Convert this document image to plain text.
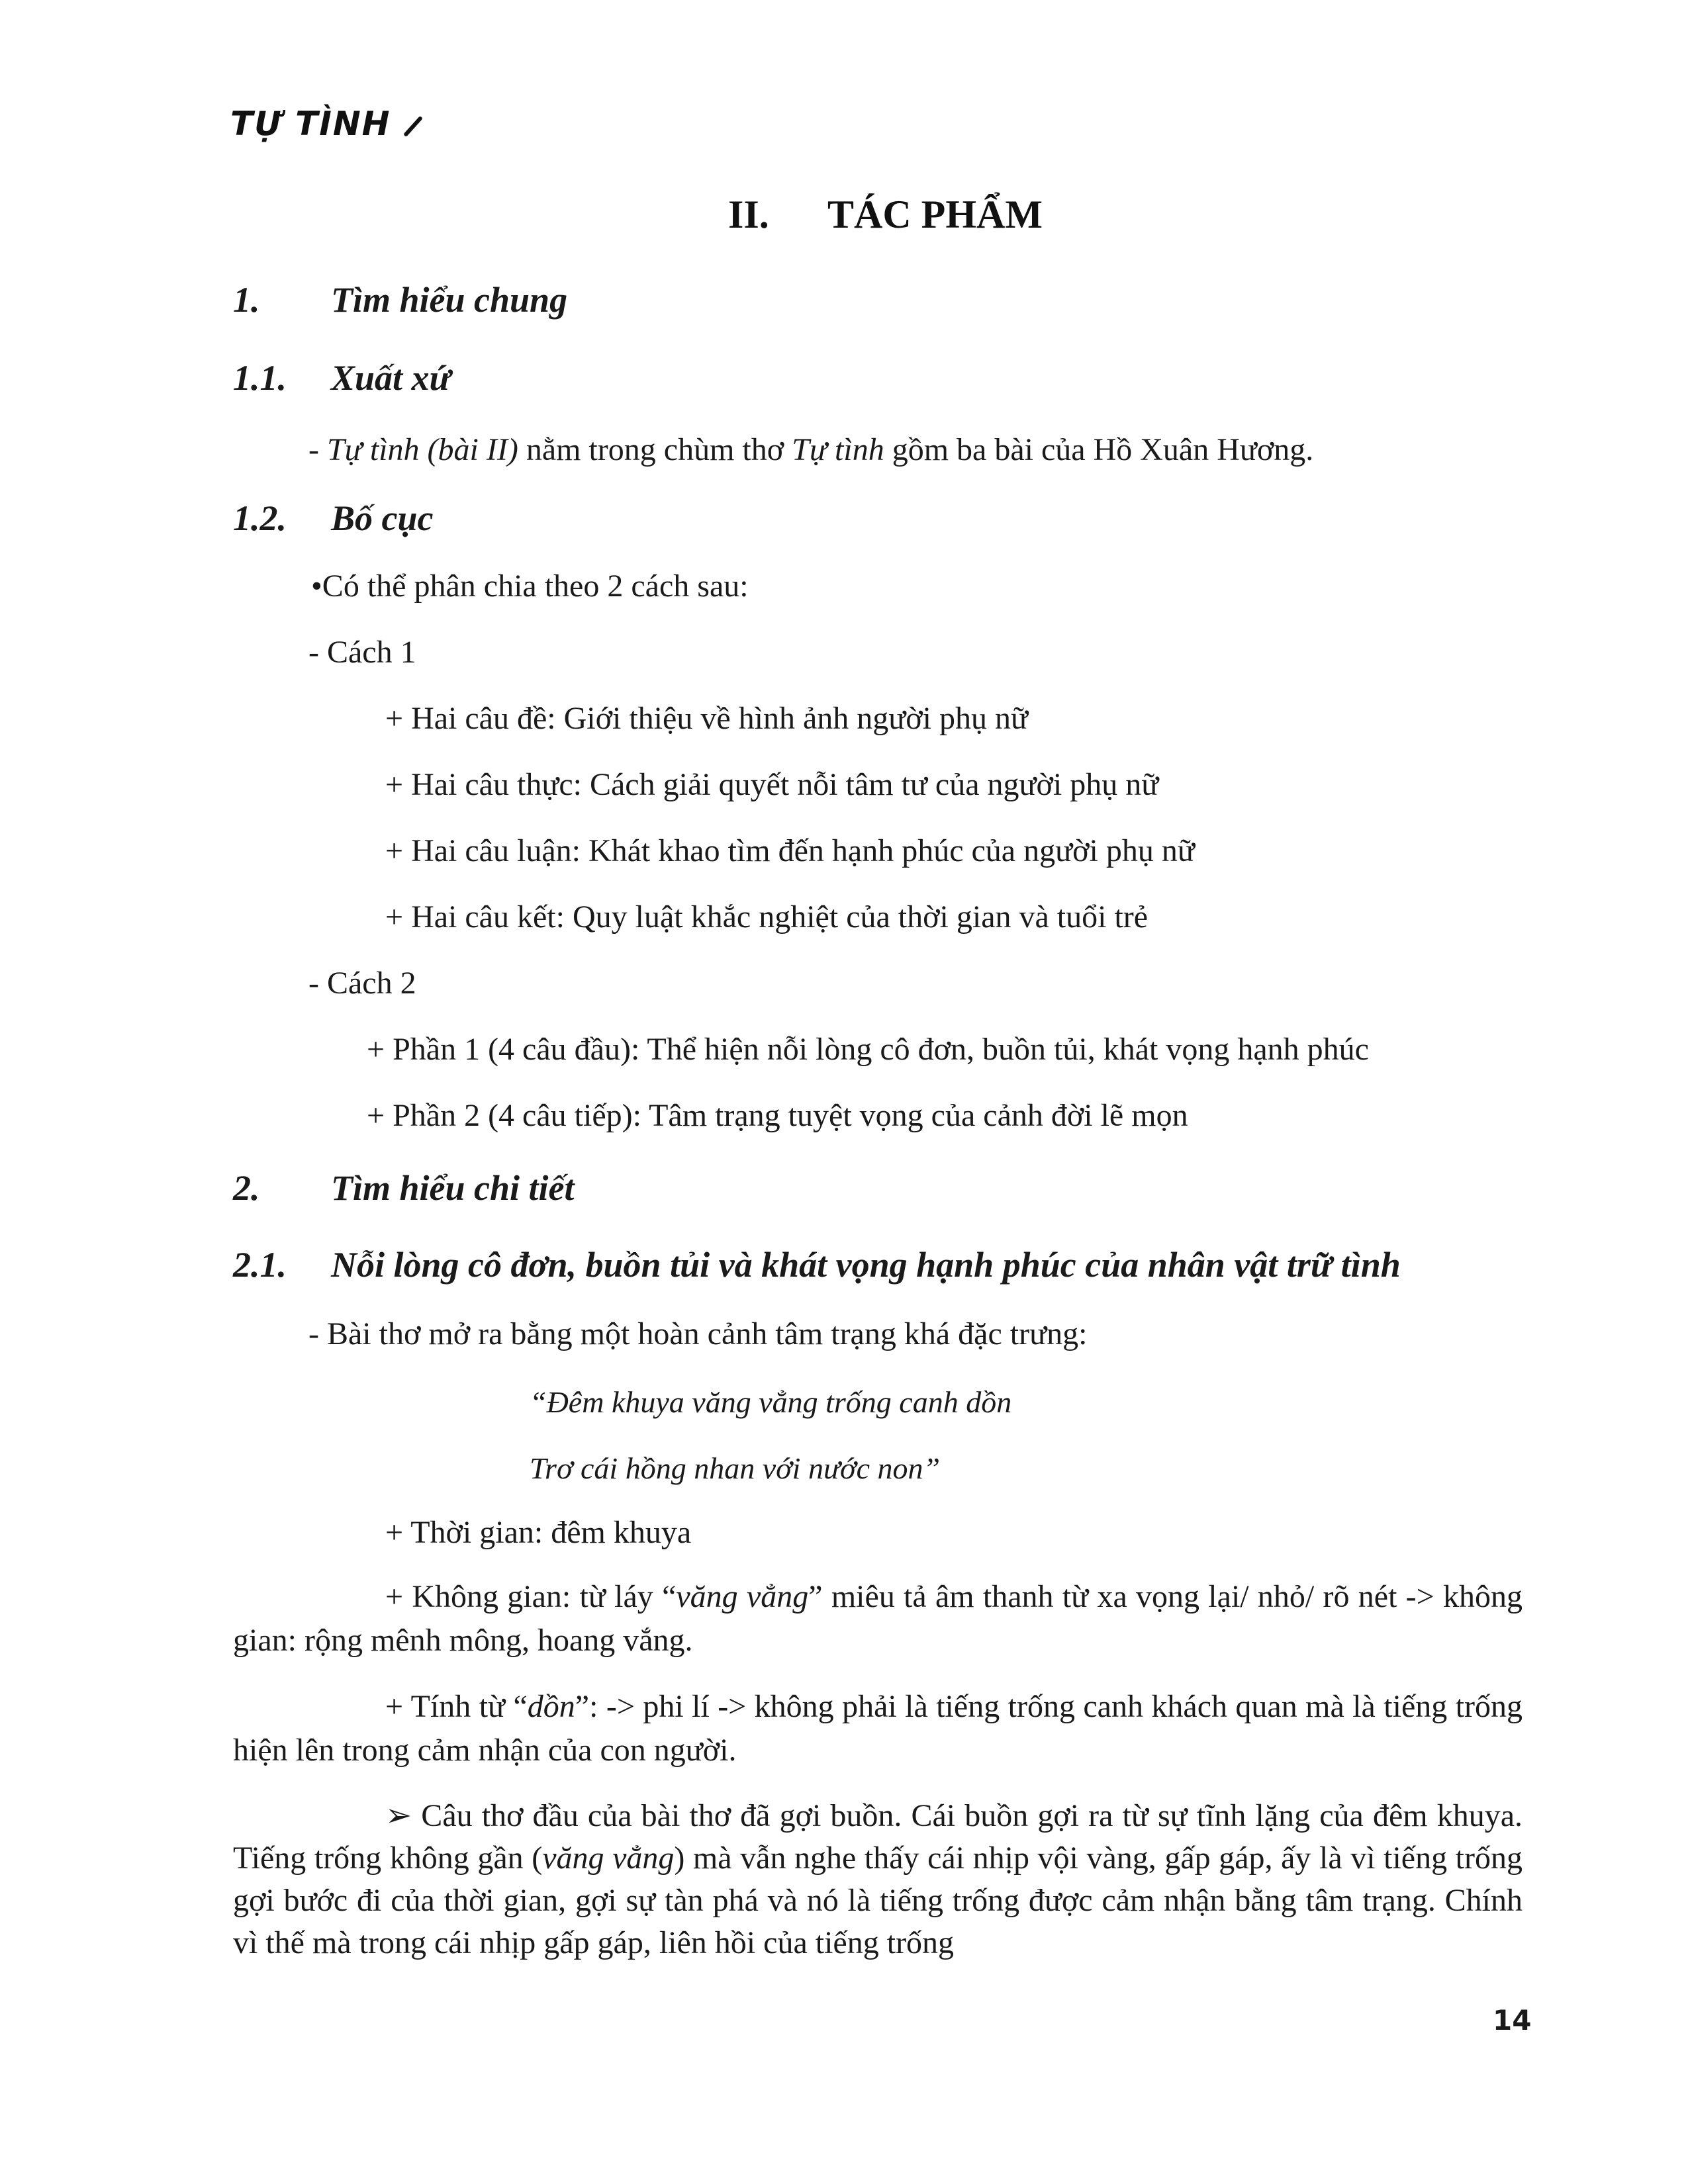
TỰ TÌNH
II. TÁC PHẨM
1. Tìm hiểu chung
1.1. Xuất xứ
- Tự tình (bài II) nằm trong chùm thơ Tự tình gồm ba bài của Hồ Xuân Hương.
1.2. Bố cục
•Có thể phân chia theo 2 cách sau:
- Cách 1
+ Hai câu đề: Giới thiệu về hình ảnh người phụ nữ
+ Hai câu thực: Cách giải quyết nỗi tâm tư của người phụ nữ
+ Hai câu luận: Khát khao tìm đến hạnh phúc của người phụ nữ
+ Hai câu kết: Quy luật khắc nghiệt của thời gian và tuổi trẻ
- Cách 2
+ Phần 1 (4 câu đầu): Thể hiện nỗi lòng cô đơn, buồn tủi, khát vọng hạnh phúc
+ Phần 2 (4 câu tiếp): Tâm trạng tuyệt vọng của cảnh đời lẽ mọn
2. Tìm hiểu chi tiết
2.1. Nỗi lòng cô đơn, buồn tủi và khát vọng hạnh phúc của nhân vật trữ tình
- Bài thơ mở ra bằng một hoàn cảnh tâm trạng khá đặc trưng:
“Đêm khuya văng vẳng trống canh dồn
Trơ cái hồng nhan với nước non”
+ Thời gian: đêm khuya
+ Không gian: từ láy “văng vẳng” miêu tả âm thanh từ xa vọng lại/ nhỏ/ rõ nét -> không gian: rộng mênh mông, hoang vắng.
+ Tính từ “dồn”: -> phi lí -> không phải là tiếng trống canh khách quan mà là tiếng trống hiện lên trong cảm nhận của con người.
➢ Câu thơ đầu của bài thơ đã gợi buồn. Cái buồn gợi ra từ sự tĩnh lặng của đêm khuya. Tiếng trống không gần (văng vẳng) mà vẫn nghe thấy cái nhịp vội vàng, gấp gáp, ấy là vì tiếng trống gợi bước đi của thời gian, gợi sự tàn phá và nó là tiếng trống được cảm nhận bằng tâm trạng. Chính vì thế mà trong cái nhịp gấp gáp, liên hồi của tiếng trống
14
